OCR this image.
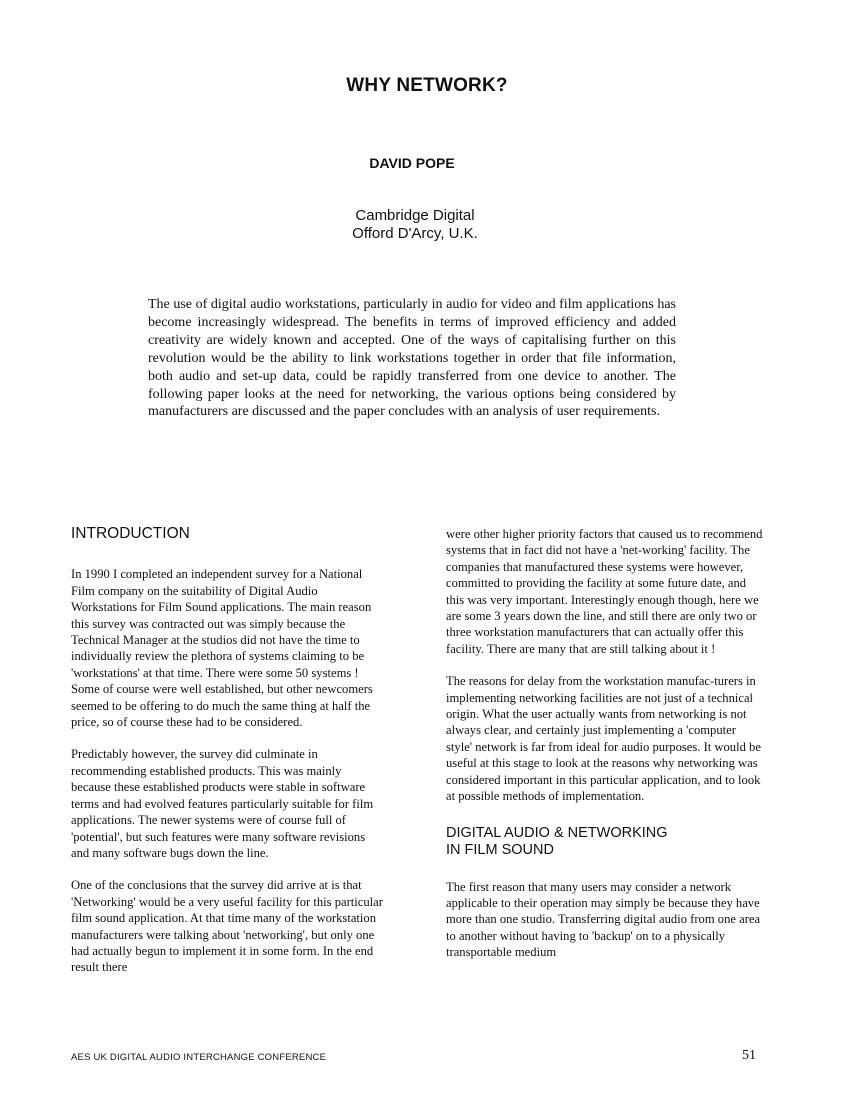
WHY NETWORK?
DAVID POPE
Cambridge Digital
Offord D'Arcy, U.K.
The use of digital audio workstations, particularly in audio for video and film applications has become increasingly widespread. The benefits in terms of improved efficiency and added creativity are widely known and accepted. One of the ways of capitalising further on this revolution would be the ability to link workstations together in order that file information, both audio and set-up data, could be rapidly transferred from one device to another. The following paper looks at the need for networking, the various options being considered by manufacturers are discussed and the paper concludes with an analysis of user requirements.
INTRODUCTION

In 1990 I completed an independent survey for a National Film company on the suitability of Digital Audio Workstations for Film Sound applications. The main reason this survey was contracted out was simply because the Technical Manager at the studios did not have the time to individually review the plethora of systems claiming to be 'workstations' at that time. There were some 50 systems ! Some of course were well established, but other newcomers seemed to be offering to do much the same thing at half the price, so of course these had to be considered.

Predictably however, the survey did culminate in recommending established products. This was mainly because these established products were stable in software terms and had evolved features particularly suitable for film applications. The newer systems were of course full of 'potential', but such features were many software revisions and many software bugs down the line.

One of the conclusions that the survey did arrive at is that 'Networking' would be a very useful facility for this particular film sound application. At that time many of the workstation manufacturers were talking about 'networking', but only one had actually begun to implement it in some form. In the end result there

were other higher priority factors that caused us to recommend systems that in fact did not have a 'net-working' facility. The companies that manufactured these systems were however, committed to providing the facility at some future date, and this was very important. Interestingly enough though, here we are some 3 years down the line, and still there are only two or three workstation manufacturers that can actually offer this facility. There are many that are still talking about it !

The reasons for delay from the workstation manufac-turers in implementing networking facilities are not just of a technical origin. What the user actually wants from networking is not always clear, and certainly just implementing a 'computer style' network is far from ideal for audio purposes. It would be useful at this stage to look at the reasons why networking was considered important in this particular application, and to look at possible methods of implementation.

DIGITAL AUDIO & NETWORKING
IN FILM SOUND

The first reason that many users may consider a network applicable to their operation may simply be because they have more than one studio. Transferring digital audio from one area to another without having to 'backup' on to a physically transportable medium

AES UK DIGITAL AUDIO INTERCHANGE CONFERENCE	51
